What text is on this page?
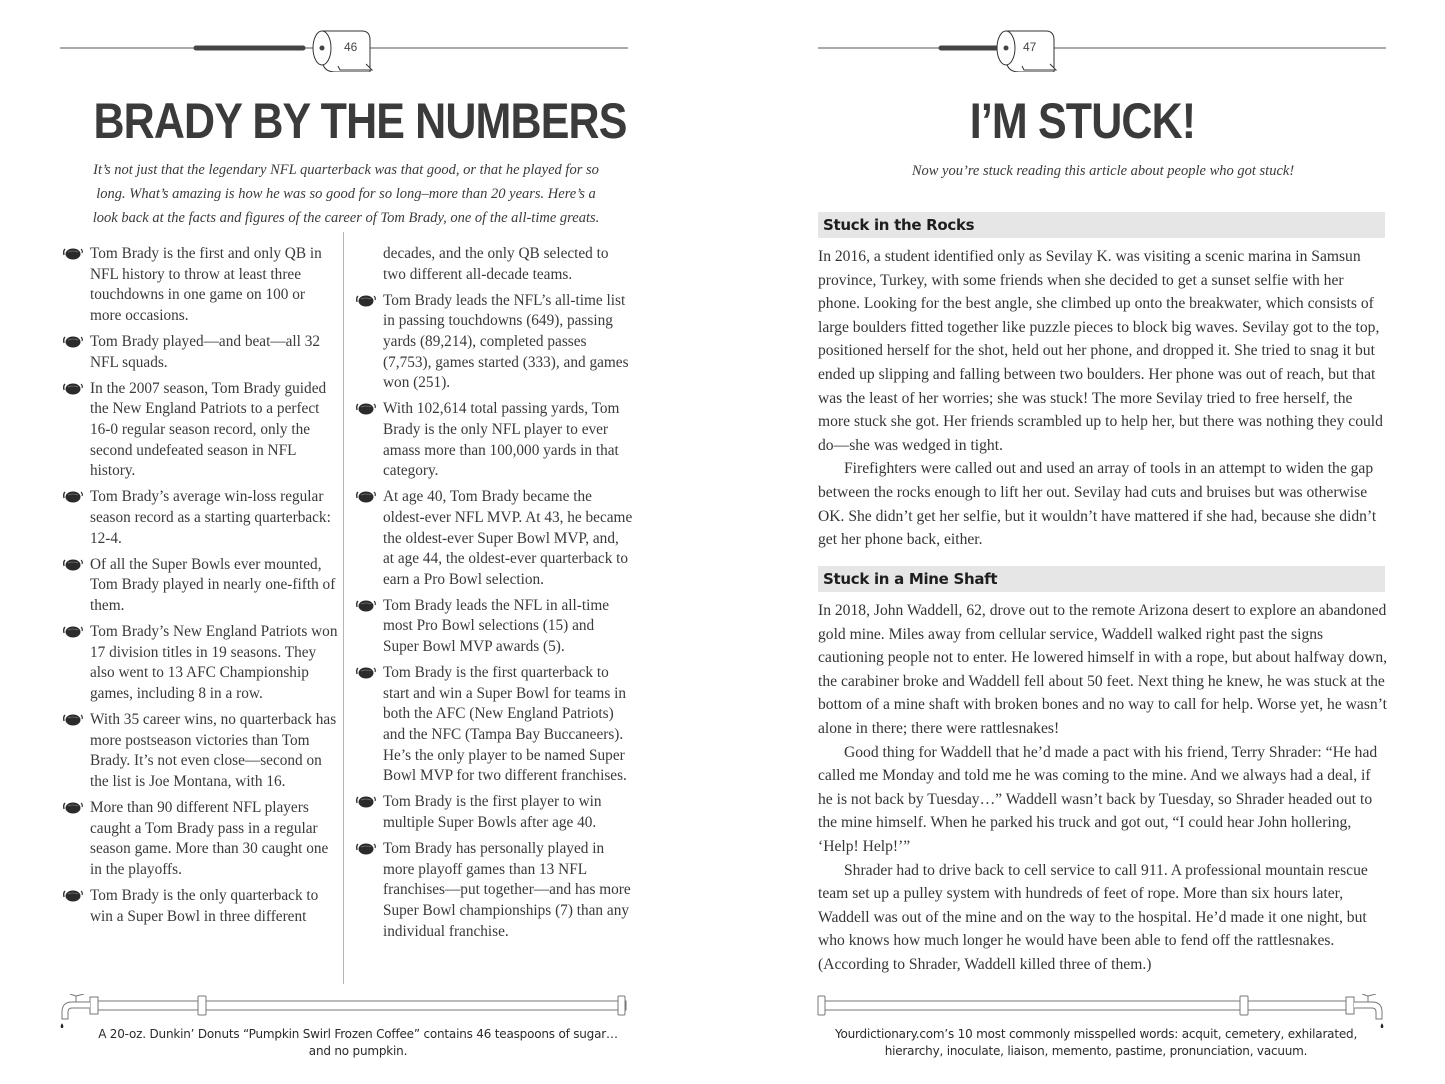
46
BRADY BY THE NUMBERS
It’s not just that the legendary NFL quarterback was that good, or that he played for so long. What’s amazing is how he was so good for so long–more than 20 years. Here’s a look back at the facts and figures of the career of Tom Brady, one of the all-time greats.
Tom Brady is the first and only QB in NFL history to throw at least three touchdowns in one game on 100 or more occasions.
Tom Brady played—and beat—all 32 NFL squads.
In the 2007 season, Tom Brady guided the New England Patriots to a perfect 16-0 regular season record, only the second undefeated season in NFL history.
Tom Brady’s average win-loss regular season record as a starting quarterback: 12-4.
Of all the Super Bowls ever mounted, Tom Brady played in nearly one-fifth of them.
Tom Brady’s New England Patriots won 17 division titles in 19 seasons. They also went to 13 AFC Championship games, including 8 in a row.
With 35 career wins, no quarterback has more postseason victories than Tom Brady. It’s not even close—second on the list is Joe Montana, with 16.
More than 90 different NFL players caught a Tom Brady pass in a regular season game. More than 30 caught one in the playoffs.
Tom Brady is the only quarterback to win a Super Bowl in three different
decades, and the only QB selected to two different all-decade teams.
Tom Brady leads the NFL’s all-time list in passing touchdowns (649), passing yards (89,214), completed passes (7,753), games started (333), and games won (251).
With 102,614 total passing yards, Tom Brady is the only NFL player to ever amass more than 100,000 yards in that category.
At age 40, Tom Brady became the oldest-ever NFL MVP. At 43, he became the oldest-ever Super Bowl MVP, and, at age 44, the oldest-ever quarterback to earn a Pro Bowl selection.
Tom Brady leads the NFL in all-time most Pro Bowl selections (15) and Super Bowl MVP awards (5).
Tom Brady is the first quarterback to start and win a Super Bowl for teams in both the AFC (New England Patriots) and the NFC (Tampa Bay Buccaneers). He’s the only player to be named Super Bowl MVP for two different franchises.
Tom Brady is the first player to win multiple Super Bowls after age 40.
Tom Brady has personally played in more playoff games than 13 NFL franchises—put together—and has more Super Bowl championships (7) than any individual franchise.
A 20-oz. Dunkin’ Donuts “Pumpkin Swirl Frozen Coffee” contains 46 teaspoons of sugar…and no pumpkin.
47
I’M STUCK!
Now you’re stuck reading this article about people who got stuck!
Stuck in the Rocks

In 2016, a student identified only as Sevilay K. was visiting a scenic marina in Samsun province, Turkey, with some friends when she decided to get a sunset selfie with her phone. Looking for the best angle, she climbed up onto the breakwater, which consists of large boulders fitted together like puzzle pieces to block big waves. Sevilay got to the top, positioned herself for the shot, held out her phone, and dropped it. She tried to snag it but ended up slipping and falling between two boulders. Her phone was out of reach, but that was the least of her worries; she was stuck! The more Sevilay tried to free herself, the more stuck she got. Her friends scrambled up to help her, but there was nothing they could do—she was wedged in tight.

Firefighters were called out and used an array of tools in an attempt to widen the gap between the rocks enough to lift her out. Sevilay had cuts and bruises but was otherwise OK. She didn’t get her selfie, but it wouldn’t have mattered if she had, because she didn’t get her phone back, either.

Stuck in a Mine Shaft

In 2018, John Waddell, 62, drove out to the remote Arizona desert to explore an abandoned gold mine. Miles away from cellular service, Waddell walked right past the signs cautioning people not to enter. He lowered himself in with a rope, but about halfway down, the carabiner broke and Waddell fell about 50 feet. Next thing he knew, he was stuck at the bottom of a mine shaft with broken bones and no way to call for help. Worse yet, he wasn’t alone in there; there were rattlesnakes!

Good thing for Waddell that he’d made a pact with his friend, Terry Shrader: “He had called me Monday and told me he was coming to the mine. And we always had a deal, if he is not back by Tuesday…” Waddell wasn’t back by Tuesday, so Shrader headed out to the mine himself. When he parked his truck and got out, “I could hear John hollering, ‘Help! Help!’”

Shrader had to drive back to cell service to call 911. A professional mountain rescue team set up a pulley system with hundreds of feet of rope. More than six hours later, Waddell was out of the mine and on the way to the hospital. He’d made it one night, but who knows how much longer he would have been able to fend off the rattlesnakes. (According to Shrader, Waddell killed three of them.)

Yourdictionary.com’s 10 most commonly misspelled words: acquit, cemetery, exhilarated, hierarchy, inoculate, liaison, memento, pastime, pronunciation, vacuum.
